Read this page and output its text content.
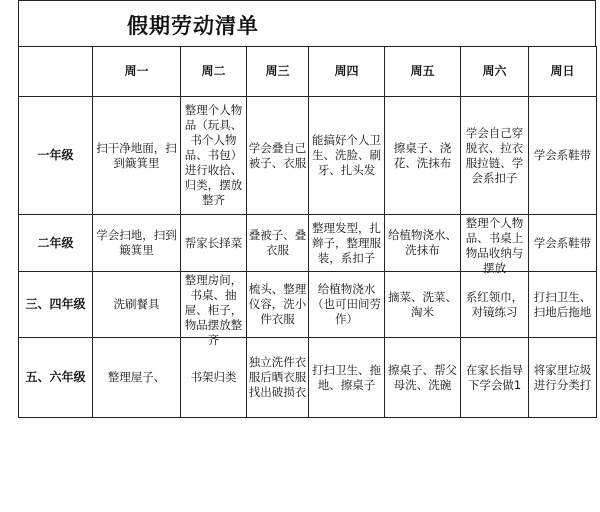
假期劳动清单
	周一	周二	周三	周四	周五	周六	周日
一年级	扫干净地面，扫到簸箕里	整理个人物品（玩具、书个人物品、书包）进行收拾、归类，摆放整齐	学会叠自己被子、衣服	能搞好个人卫生、洗脸、刷牙、扎头发	擦桌子、浇花、洗抹布	学会自己穿脱衣、拉衣服拉链、学会系扣子	学会系鞋带

二年级	学会扫地，扫到簸箕里	帮家长择菜	叠被子、叠衣服	整理发型，扎辫子，整理服装，系扣子	给植物浇水、洗抹布	整理个人物品、书桌上物品收纳与摆放	学会系鞋带

三、四年级	洗刷餐具	整理房间，书桌、抽屉、柜子，物品摆放整齐	梳头、整理仪容，洗小件衣服	给植物浇水（也可田间劳作）	摘菜、洗菜、淘米	系红领巾，对镜练习	打扫卫生、扫地后拖地

五、六年级	整理屋子、	书架归类	独立洗件衣服后晒衣服找出破损衣	打扫卫生、拖地、擦桌子	擦桌子、帮父母洗、洗碗	在家长指导下学会做1	将家里垃圾进行分类打
